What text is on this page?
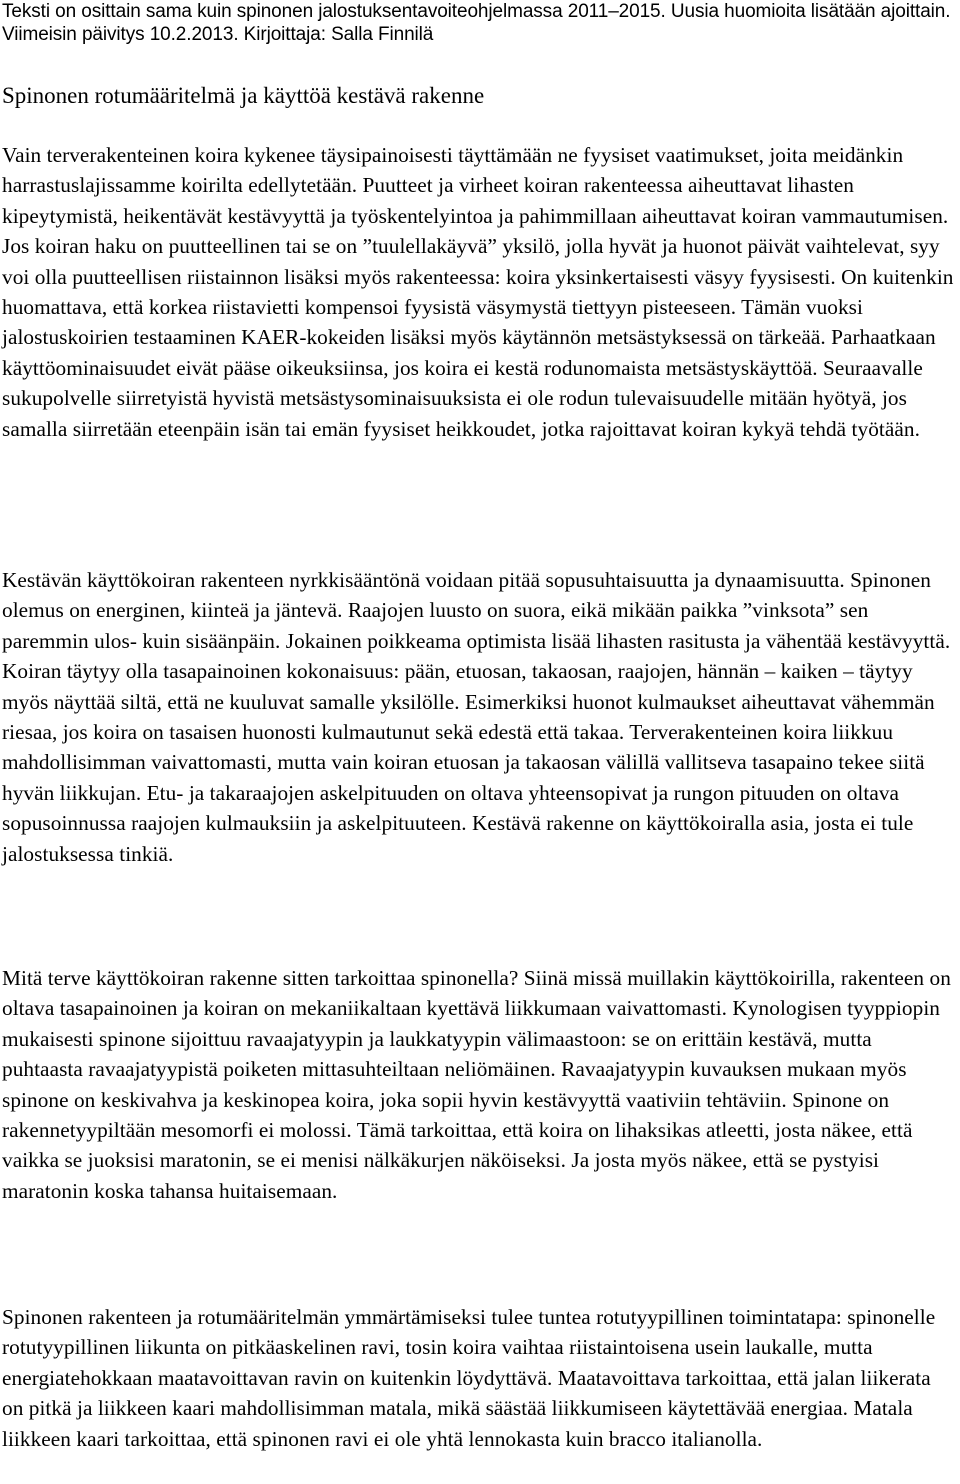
Teksti on osittain sama kuin spinonen jalostuksentavoiteohjelmassa 2011–2015. Uusia huomioita lisätään ajoittain. Viimeisin päivitys 10.2.2013. Kirjoittaja: Salla Finnilä

Spinonen rotumääritelmä ja käyttöä kestävä rakenne

Vain terverakenteinen koira kykenee täysipainoisesti täyttämään ne fyysiset vaatimukset, joita meidänkin harrastuslajissamme koirilta edellytetään. Puutteet ja virheet koiran rakenteessa aiheuttavat lihasten kipeytymistä, heikentävät kestävyyttä ja työskentelyintoa ja pahimmillaan aiheuttavat koiran vammautumisen. Jos koiran haku on puutteellinen tai se on ”tuulellakäyvä” yksilö, jolla hyvät ja huonot päivät vaihtelevat, syy voi olla puutteellisen riistainnon lisäksi myös rakenteessa: koira yksinkertaisesti väsyy fyysisesti. On kuitenkin huomattava, että korkea riistavietti kompensoi fyysistä väsymystä tiettyyn pisteeseen. Tämän vuoksi jalostuskoirien testaaminen KAER-kokeiden lisäksi myös käytännön metsästyksessä on tärkeää. Parhaatkaan käyttöominaisuudet eivät pääse oikeuksiinsa, jos koira ei kestä rodunomaista metsästyskäyttöä. Seuraavalle sukupolvelle siirretyistä hyvistä metsästysominaisuuksista ei ole rodun tulevaisuudelle mitään hyötyä, jos samalla siirretään eteenpäin isän tai emän fyysiset heikkoudet, jotka rajoittavat koiran kykyä tehdä työtään.

Kestävän käyttökoiran rakenteen nyrkkisääntönä voidaan pitää sopusuhtaisuutta ja dynaamisuutta. Spinonen olemus on energinen, kiinteä ja jäntevä. Raajojen luusto on suora, eikä mikään paikka ”vinksota” sen paremmin ulos- kuin sisäänpäin. Jokainen poikkeama optimista lisää lihasten rasitusta ja vähentää kestävyyttä. Koiran täytyy olla tasapainoinen kokonaisuus: pään, etuosan, takaosan, raajojen, hännän – kaiken – täytyy myös näyttää siltä, että ne kuuluvat samalle yksilölle. Esimerkiksi huonot kulmaukset aiheuttavat vähemmän riesaa, jos koira on tasaisen huonosti kulmautunut sekä edestä että takaa. Terverakenteinen koira liikkuu mahdollisimman vaivattomasti, mutta vain koiran etuosan ja takaosan välillä vallitseva tasapaino tekee siitä hyvän liikkujan. Etu- ja takaraajojen askelpituuden on oltava yhteensopivat ja rungon pituuden on oltava sopusoinnussa raajojen kulmauksiin ja askelpituuteen. Kestävä rakenne on käyttökoiralla asia, josta ei tule jalostuksessa tinkiä.

Mitä terve käyttökoiran rakenne sitten tarkoittaa spinonella? Siinä missä muillakin käyttökoirilla, rakenteen on oltava tasapainoinen ja koiran on mekaniikaltaan kyettävä liikkumaan vaivattomasti. Kynologisen tyyppiopin mukaisesti spinone sijoittuu ravaajatyypin ja laukkatyypin välimaastoon: se on erittäin kestävä, mutta puhtaasta ravaajatyypistä poiketen mittasuhteiltaan neliömäinen. Ravaajatyypin kuvauksen mukaan myös spinone on keskivahva ja keskinopea koira, joka sopii hyvin kestävyyttä vaativiin tehtäviin. Spinone on rakennetyypiltään mesomorfi ei molossi. Tämä tarkoittaa, että koira on lihaksikas atleetti, josta näkee, että vaikka se juoksisi maratonin, se ei menisi nälkäkurjen näköiseksi. Ja josta myös näkee, että se pystyisi maratonin koska tahansa huitaisemaan.

Spinonen rakenteen ja rotumääritelmän ymmärtämiseksi tulee tuntea rotutyypillinen toimintatapa: spinonelle rotutyypillinen liikunta on pitkäaskelinen ravi, tosin koira vaihtaa riistaintoisena usein laukalle, mutta energiatehokkaan maatavoittavan ravin on kuitenkin löydyttävä. Maatavoittava tarkoittaa, että jalan liikerata on pitkä ja liikkeen kaari mahdollisimman matala, mikä säästää liikkumiseen käytettävää energiaa. Matala liikkeen kaari tarkoittaa, että spinonen ravi ei ole yhtä lennokasta kuin bracco italianolla.
